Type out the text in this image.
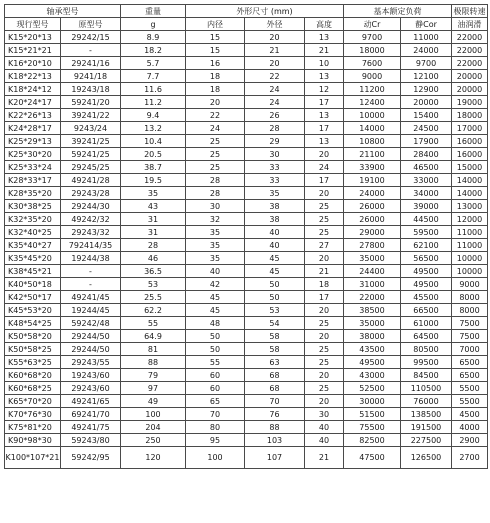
轴承型号		重量	外形尺寸 (mm)			基本额定负荷		极限转速
现行型号	原型号	g	内径	外径	高度	动Cr	静Cor	油润滑
K15*20*13	29242/15	8.9	15	20	13	9700	11000	22000
K15*21*21	-	18.2	15	21	21	18000	24000	22000
K16*20*10	29241/16	5.7	16	20	10	7600	9700	22000
K18*22*13	9241/18	7.7	18	22	13	9000	12100	20000
K18*24*12	19243/18	11.6	18	24	12	11200	12900	20000
K20*24*17	59241/20	11.2	20	24	17	12400	20000	19000
K22*26*13	39241/22	9.4	22	26	13	10000	15400	18000
K24*28*17	9243/24	13.2	24	28	17	14000	24500	17000
K25*29*13	39241/25	10.4	25	29	13	10800	17900	16000
K25*30*20	59241/25	20.5	25	30	20	21100	28400	16000
K25*33*24	29245/25	38.7	25	33	24	33900	46500	15000
K28*33*17	49241/28	19.5	28	33	17	19100	33000	14000
K28*35*20	29243/28	35	28	35	20	24000	34000	14000
K30*38*25	29244/30	43	30	38	25	26000	39000	13000
K32*35*20	49242/32	31	32	38	25	26000	44500	12000
K32*40*25	29243/32	31	35	40	25	29000	59500	11000
K35*40*27	792414/35	28	35	40	27	27800	62100	11000
K35*45*20	19244/38	46	35	45	20	35000	56500	10000
K38*45*21	-	36.5	40	45	21	24400	49500	10000
K40*50*18	-	53	42	50	18	31000	49500	9000
K42*50*17	49241/45	25.5	45	50	17	22000	45500	8000
K45*53*20	19244/45	62.2	45	53	20	38500	66500	8000
K48*54*25	59242/48	55	48	54	25	35000	61000	7500
K50*58*20	29244/50	64.9	50	58	20	38000	64500	7500
K50*58*25	29244/50	81	50	58	25	43500	80500	7000
K55*63*25	29243/55	88	55	63	25	49500	99500	6500
K60*68*20	19243/60	79	60	68	20	43000	84500	6500
K60*68*25	29243/60	97	60	68	25	52500	110500	5500
K65*70*20	49241/65	49	65	70	20	30000	76000	5500
K70*76*30	69241/70	100	70	76	30	51500	138500	4500
K75*81*20	49241/75	204	80	88	40	75500	191500	4000
K90*98*30	59243/80	250	95	103	40	82500	227500	2900
K100*107*21	59242/95	120	100	107	21	47500	126500	2700
